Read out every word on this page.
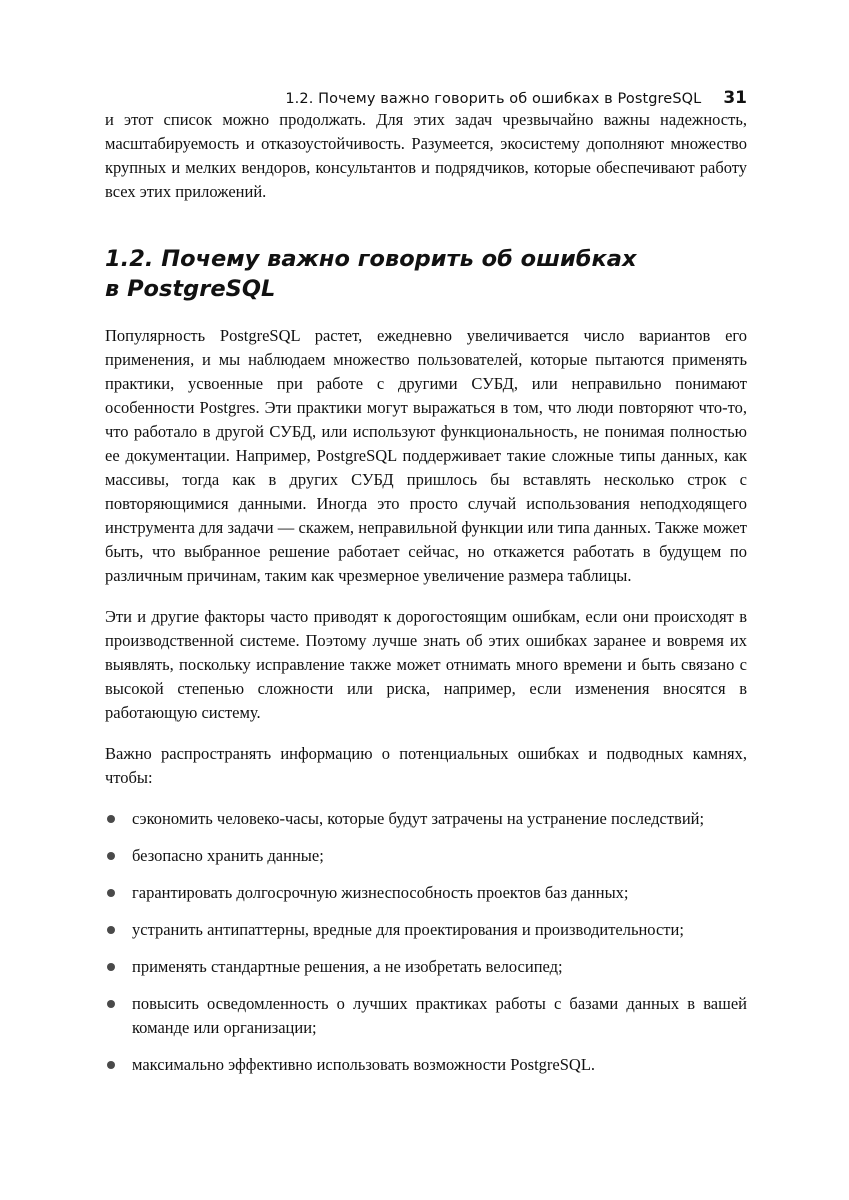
1.2. Почему важно говорить об ошибках в PostgreSQL 31

и этот список можно продолжать. Для этих задач чрезвычайно важны надежность, масштабируемость и отказоустойчивость. Разумеется, экосистему дополняют множество крупных и мелких вендоров, консультантов и подрядчиков, которые обеспечивают работу всех этих приложений.

1.2. Почему важно говорить об ошибках
в PostgreSQL

Популярность PostgreSQL растет, ежедневно увеличивается число вариантов его применения, и мы наблюдаем множество пользователей, которые пытаются применять практики, усвоенные при работе с другими СУБД, или неправильно понимают особенности Postgres. Эти практики могут выражаться в том, что люди повторяют что-то, что работало в другой СУБД, или используют функциональность, не понимая полностью ее документации. Например, PostgreSQL поддерживает такие сложные типы данных, как массивы, тогда как в других СУБД пришлось бы вставлять несколько строк с повторяющимися данными. Иногда это просто случай использования неподходящего инструмента для задачи — скажем, неправильной функции или типа данных. Также может быть, что выбранное решение работает сейчас, но откажется работать в будущем по различным причинам, таким как чрезмерное увеличение размера таблицы.

Эти и другие факторы часто приводят к дорогостоящим ошибкам, если они происходят в производственной системе. Поэтому лучше знать об этих ошибках заранее и вовремя их выявлять, поскольку исправление также может отнимать много времени и быть связано с высокой степенью сложности или риска, например, если изменения вносятся в работающую систему.

Важно распространять информацию о потенциальных ошибках и подводных камнях, чтобы:

сэкономить человеко-часы, которые будут затрачены на устранение последствий;
безопасно хранить данные;
гарантировать долгосрочную жизнеспособность проектов баз данных;
устранить антипаттерны, вредные для проектирования и производительности;
применять стандартные решения, а не изобретать велосипед;
повысить осведомленность о лучших практиках работы с базами данных в вашей команде или организации;
максимально эффективно использовать возможности PostgreSQL.
